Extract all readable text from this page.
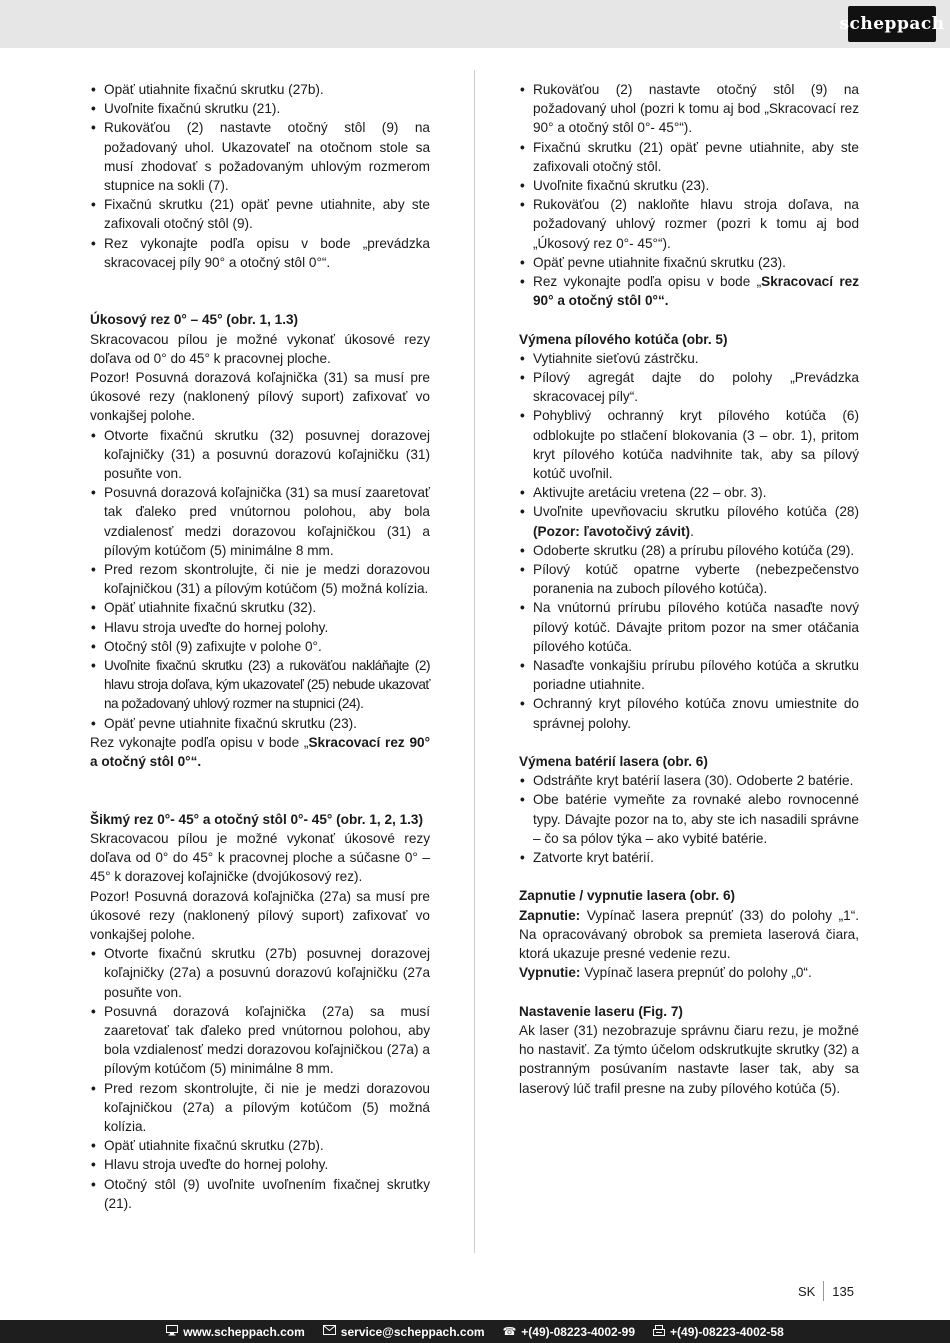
scheppach
• Opäť utiahnite fixačnú skrutku (27b).
• Uvoľnite fixačnú skrutku (21).
• Rukoväťou (2) nastavte otočný stôl (9) na požadovaný uhol. Ukazovateľ na otočnom stole sa musí zhodovať s požadovaným uhlovým rozmerom stupnice na sokli (7).
• Fixačnú skrutku (21) opäť pevne utiahnite, aby ste zafixovali otočný stôl (9).
• Rez vykonajte podľa opisu v bode „prevádzka skracovacej píly 90° a otočný stôl 0°“.

Úkosový rez 0° – 45° (obr. 1, 1.3)

Skracovacou pílou je možné vykonať úkosové rezy doľava od 0° do 45° k pracovnej ploche.

Pozor! Posuvná dorazová koľajnička (31) sa musí pre úkosové rezy (naklonený pílový suport) zafixovať vo vonkajšej polohe.

• Otvorte fixačnú skrutku (32) posuvnej dorazovej koľajničky (31) a posuvnú dorazovú koľajničku (31) posuňte von.
• Posuvná dorazová koľajnička (31) sa musí zaaretovať tak ďaleko pred vnútornou polohou, aby bola vzdialenosť medzi dorazovou koľajničkou (31) a pílovým kotúčom (5) minimálne 8 mm.
• Pred rezom skontrolujte, či nie je medzi dorazovou koľajničkou (31) a pílovým kotúčom (5) možná kolízia.
• Opäť utiahnite fixačnú skrutku (32).
• Hlavu stroja uveďte do hornej polohy.
• Otočný stôl (9) zafixujte v polohe 0°.
• Uvoľnite fixačnú skrutku (23) a rukoväťou nakláňajte (2) hlavu stroja doľava, kým ukazovateľ (25) nebude ukazovať na požadovaný uhlový rozmer na stupnici (24).
• Opäť pevne utiahnite fixačnú skrutku (23).

Rez vykonajte podľa opisu v bode „Skracovací rez 90° a otočný stôl 0°“.

Šikmý rez 0°- 45° a otočný stôl 0°- 45° (obr. 1, 2, 1.3)

Skracovacou pílou je možné vykonať úkosové rezy doľava od 0° do 45° k pracovnej ploche a súčasne 0° – 45° k dorazovej koľajničke (dvojúkosový rez).

Pozor! Posuvná dorazová koľajnička (27a) sa musí pre úkosové rezy (naklonený pílový suport) zafixovať vo vonkajšej polohe.

• Otvorte fixačnú skrutku (27b) posuvnej dorazovej koľajničky (27a) a posuvnú dorazovú koľajničku (27a posuňte von.
• Posuvná dorazová koľajnička (27a) sa musí zaaretovať tak ďaleko pred vnútornou polohou, aby bola vzdialenosť medzi dorazovou koľajničkou (27a) a pílovým kotúčom (5) minimálne 8 mm.
• Pred rezom skontrolujte, či nie je medzi dorazovou koľajničkou (27a) a pílovým kotúčom (5) možná kolízia.
• Opäť utiahnite fixačnú skrutku (27b).
• Hlavu stroja uveďte do hornej polohy.
• Otočný stôl (9) uvoľnite uvoľnením fixačnej skrutky (21).
• Rukoväťou (2) nastavte otočný stôl (9) na požadovaný uhol (pozri k tomu aj bod „Skracovací rez 90° a otočný stôl 0°- 45°“).
• Fixačnú skrutku (21) opäť pevne utiahnite, aby ste zafixovali otočný stôl.
• Uvoľnite fixačnú skrutku (23).
• Rukoväťou (2) nakloňte hlavu stroja doľava, na požadovaný uhlový rozmer (pozri k tomu aj bod „Úkosový rez 0°- 45°“).
• Opäť pevne utiahnite fixačnú skrutku (23).
• Rez vykonajte podľa opisu v bode „Skracovací rez 90° a otočný stôl 0°“.

Výmena pílového kotúča (obr. 5)

• Vytiahnite sieťovú zástrčku.
• Pílový agregát dajte do polohy „Prevádzka skracovacej píly“.
• Pohyblivý ochranný kryt pílového kotúča (6) odblokujte po stlačení blokovania (3 – obr. 1), pritom kryt pílového kotúča nadvihnite tak, aby sa pílový kotúč uvoľnil.
• Aktivujte aretáciu vretena (22 – obr. 3).
• Uvoľnite upevňovaciu skrutku pílového kotúča (28) (Pozor: ľavotočivý závit).
• Odoberte skrutku (28) a prírubu pílového kotúča (29).
• Pílový kotúč opatrne vyberte (nebezpečenstvo poranenia na zuboch pílového kotúča).
• Na vnútornú prírubu pílového kotúča nasaďte nový pílový kotúč. Dávajte pritom pozor na smer otáčania pílového kotúča.
• Nasaďte vonkajšiu prírubu pílového kotúča a skrutku poriadne utiahnite.
• Ochranný kryt pílového kotúča znovu umiestnite do správnej polohy.

Výmena batérií lasera (obr. 6)

• Odstráňte kryt batérií lasera (30). Odoberte 2 batérie.
• Obe batérie vymeňte za rovnaké alebo rovnocenné typy. Dávajte pozor na to, aby ste ich nasadili správne – čo sa pólov týka – ako vybité batérie.
• Zatvorte kryt batérií.

Zapnutie / vypnutie lasera (obr. 6)

Zapnutie: Vypínač lasera prepnúť (33) do polohy „1“. Na opracovávaný obrobok sa premieta laserová čiara, ktorá ukazuje presné vedenie rezu.

Vypnutie: Vypínač lasera prepnúť do polohy „0“.

Nastavenie laseru (Fig. 7)

Ak laser (31) nezobrazuje správnu čiaru rezu, je možné ho nastaviť. Za týmto účelom odskrutkujte skrutky (32) a postranným posúvaním nastavte laser tak, aby sa laserový lúč trafil presne na zuby pílového kotúča (5).

SK 135
www.scheppach.com	service@scheppach.com ☎ +(49)-08223-4002-99	+(49)-08223-4002-58
